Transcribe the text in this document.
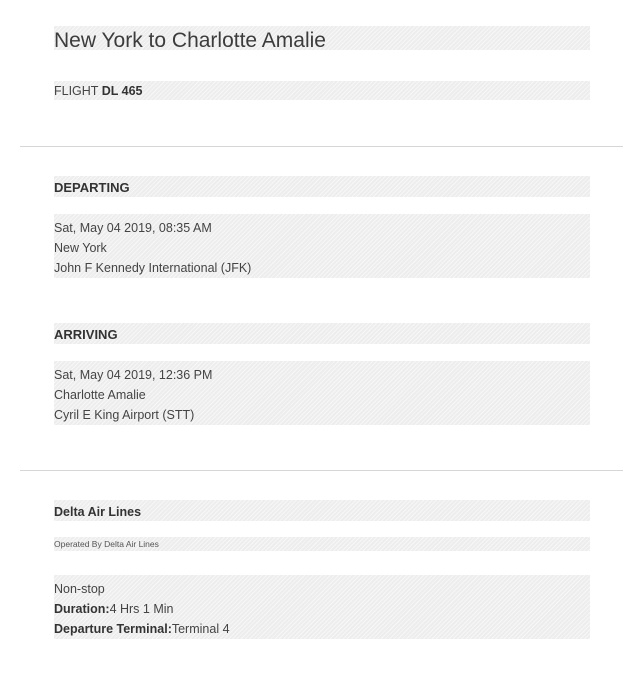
New York to Charlotte Amalie
FLIGHT DL 465
DEPARTING
Sat, May 04 2019, 08:35 AM
New York
John F Kennedy International (JFK)
ARRIVING
Sat, May 04 2019, 12:36 PM
Charlotte Amalie
Cyril E King Airport (STT)
Delta Air Lines
Operated By Delta Air Lines
Non-stop
Duration:4 Hrs 1 Min
Departure Terminal:Terminal 4
